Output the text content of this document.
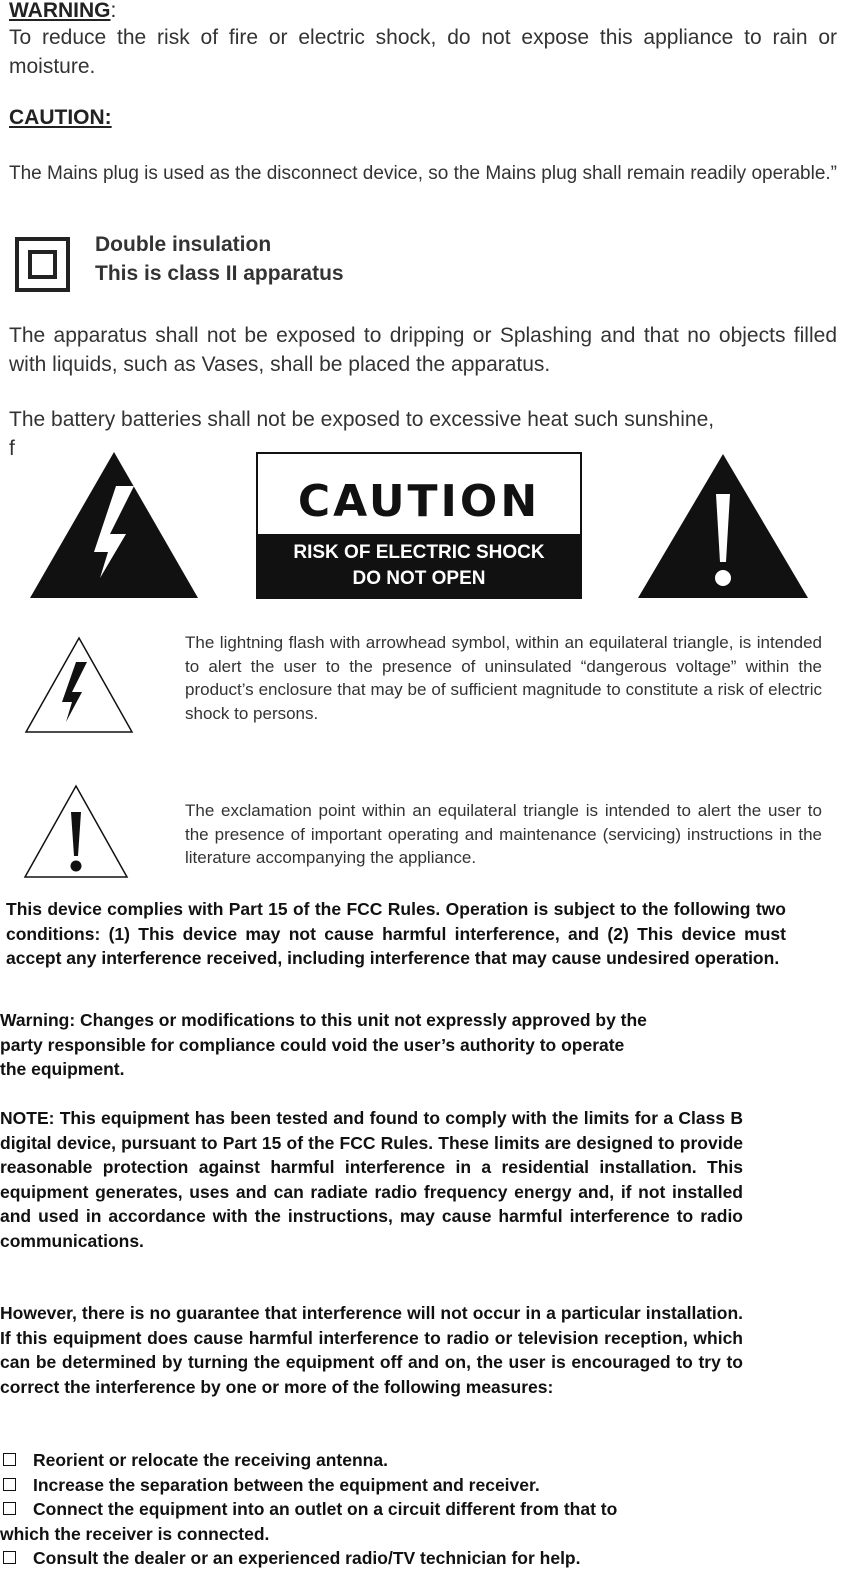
WARNING:

To reduce the risk of fire or electric shock, do not expose this appliance to rain or moisture.

CAUTION:

The Mains plug is used as the disconnect device, so the Mains plug shall remain readily operable.”

Double insulation
This is class II apparatus

The apparatus shall not be exposed to dripping or Splashing and that no objects filled with liquids, such as Vases, shall be placed the apparatus.

The battery batteries shall not be exposed to excessive heat such sunshine,

f
CAUTION
RISK OF ELECTRIC SHOCK
DO NOT OPEN

The lightning flash with arrowhead symbol, within an equilateral triangle, is intended to alert the user to the presence of uninsulated “dangerous voltage” within the product’s enclosure that may be of sufficient magnitude to constitute a risk of electric shock to persons.

The exclamation point within an equilateral triangle is intended to alert the user to the presence of important operating and maintenance (servicing) instructions in the literature accompanying the appliance.

This device complies with Part 15 of the FCC Rules. Operation is subject to the following two conditions: (1) This device may not cause harmful interference, and (2) This device must accept any interference received, including interference that may cause undesired operation.

Warning: Changes or modifications to this unit not expressly approved by the
party responsible for compliance could void the user’s authority to operate
the equipment.

NOTE: This equipment has been tested and found to comply with the limits for a Class B digital device, pursuant to Part 15 of the FCC Rules. These limits are designed to provide reasonable protection against harmful interference in a residential installation. This equipment generates, uses and can radiate radio frequency energy and, if not installed and used in accordance with the instructions, may cause harmful interference to radio communications.

However, there is no guarantee that interference will not occur in a particular installation. If this equipment does cause harmful interference to radio or television reception, which can be determined by turning the equipment off and on, the user is encouraged to try to correct the interference by one or more of the following measures:

Reorient or relocate the receiving antenna.
Increase the separation between the equipment and receiver.
Connect the equipment into an outlet on a circuit different from that to
which the receiver is connected.
Consult the dealer or an experienced radio/TV technician for help.
